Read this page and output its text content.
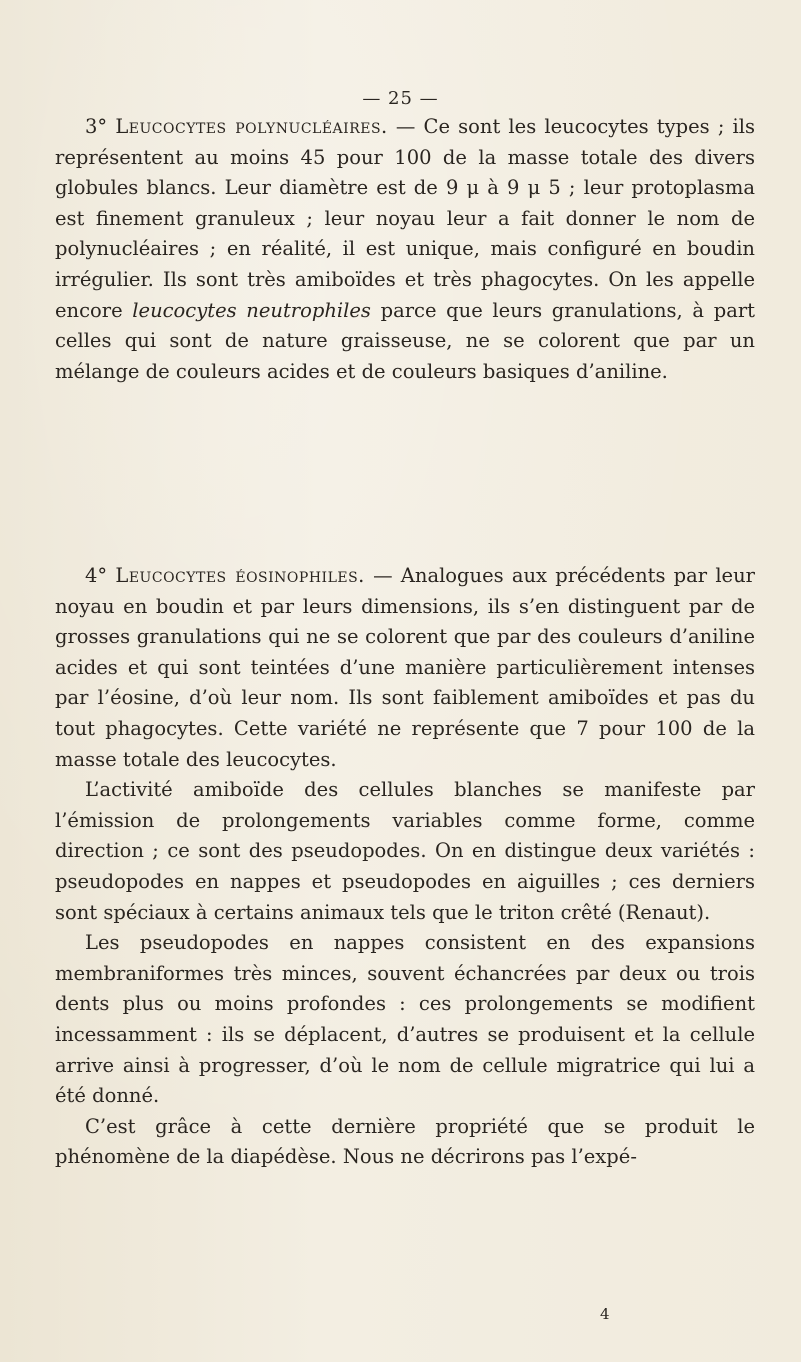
— 25 —

3° Leucocytes polynucléaires. — Ce sont les leucocytes types ; ils représentent au moins 45 pour 100 de la masse totale des divers globules blancs. Leur diamètre est de 9 μ à 9 μ 5 ; leur protoplasma est finement granuleux ; leur noyau leur a fait donner le nom de polynucléaires ; en réalité, il est unique, mais configuré en boudin irrégulier. Ils sont très amiboïdes et très phagocytes. On les appelle encore leucocytes neutrophiles parce que leurs granulations, à part celles qui sont de nature graisseuse, ne se colorent que par un mélange de couleurs acides et de couleurs basiques d’aniline.

4° Leucocytes éosinophiles. — Analogues aux précédents par leur noyau en boudin et par leurs dimensions, ils s’en distinguent par de grosses granulations qui ne se colorent que par des couleurs d’aniline acides et qui sont teintées d’une manière particulièrement intenses par l’éosine, d’où leur nom. Ils sont faiblement amiboïdes et pas du tout phagocytes. Cette variété ne représente que 7 pour 100 de la masse totale des leucocytes.

L’activité amiboïde des cellules blanches se manifeste par l’émission de prolongements variables comme forme, comme direction ; ce sont des pseudopodes. On en distingue deux variétés : pseudopodes en nappes et pseudopodes en aiguilles ; ces derniers sont spéciaux à certains animaux tels que le triton crêté (Renaut).

Les pseudopodes en nappes consistent en des expansions membraniformes très minces, souvent échancrées par deux ou trois dents plus ou moins profondes : ces prolongements se modifient incessamment : ils se déplacent, d’autres se produisent et la cellule arrive ainsi à progresser, d’où le nom de cellule migratrice qui lui a été donné.

C’est grâce à cette dernière propriété que se produit le phénomène de la diapédèse. Nous ne décrirons pas l’expé-

4
